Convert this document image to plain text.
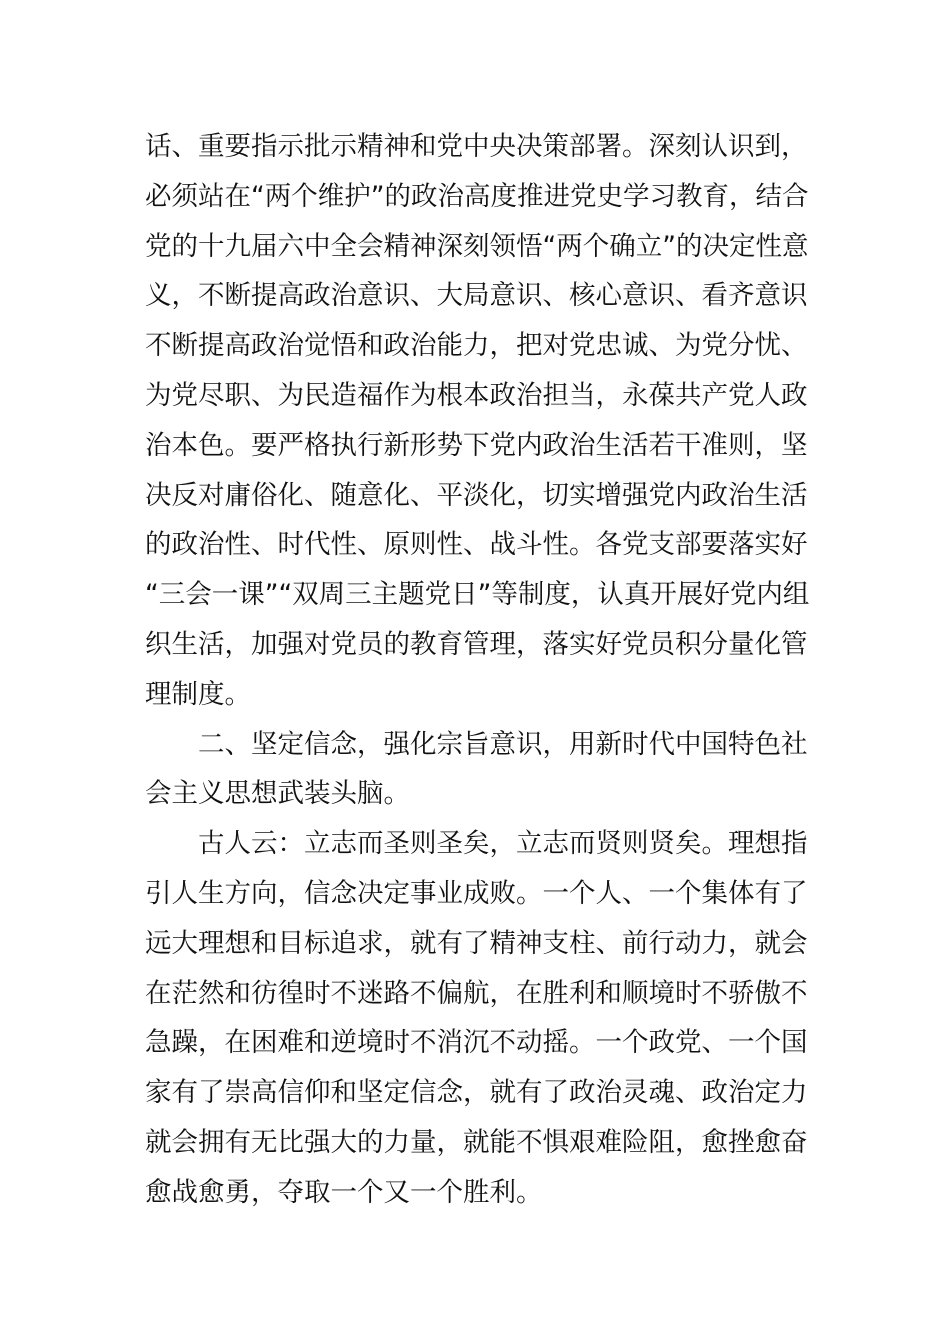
话、重要指示批示精神和党中央决策部署。深刻认识到，
必须站在“两个维护”的政治高度推进党史学习教育，结合
党的十九届六中全会精神深刻领悟“两个确立”的决定性意
义，不断提高政治意识、大局意识、核心意识、看齐意识
不断提高政治觉悟和政治能力，把对党忠诚、为党分忧、
为党尽职、为民造福作为根本政治担当，永葆共产党人政
治本色。要严格执行新形势下党内政治生活若干准则，坚
决反对庸俗化、随意化、平淡化，切实增强党内政治生活
的政治性、时代性、原则性、战斗性。各党支部要落实好
“三会一课”“双周三主题党日”等制度，认真开展好党内组
织生活，加强对党员的教育管理，落实好党员积分量化管
理制度。
二、坚定信念，强化宗旨意识，用新时代中国特色社
会主义思想武装头脑。
古人云：立志而圣则圣矣，立志而贤则贤矣。理想指
引人生方向，信念决定事业成败。一个人、一个集体有了
远大理想和目标追求，就有了精神支柱、前行动力，就会
在茫然和彷徨时不迷路不偏航，在胜利和顺境时不骄傲不
急躁，在困难和逆境时不消沉不动摇。一个政党、一个国
家有了崇高信仰和坚定信念，就有了政治灵魂、政治定力
就会拥有无比强大的力量，就能不惧艰难险阻，愈挫愈奋
愈战愈勇，夺取一个又一个胜利。
